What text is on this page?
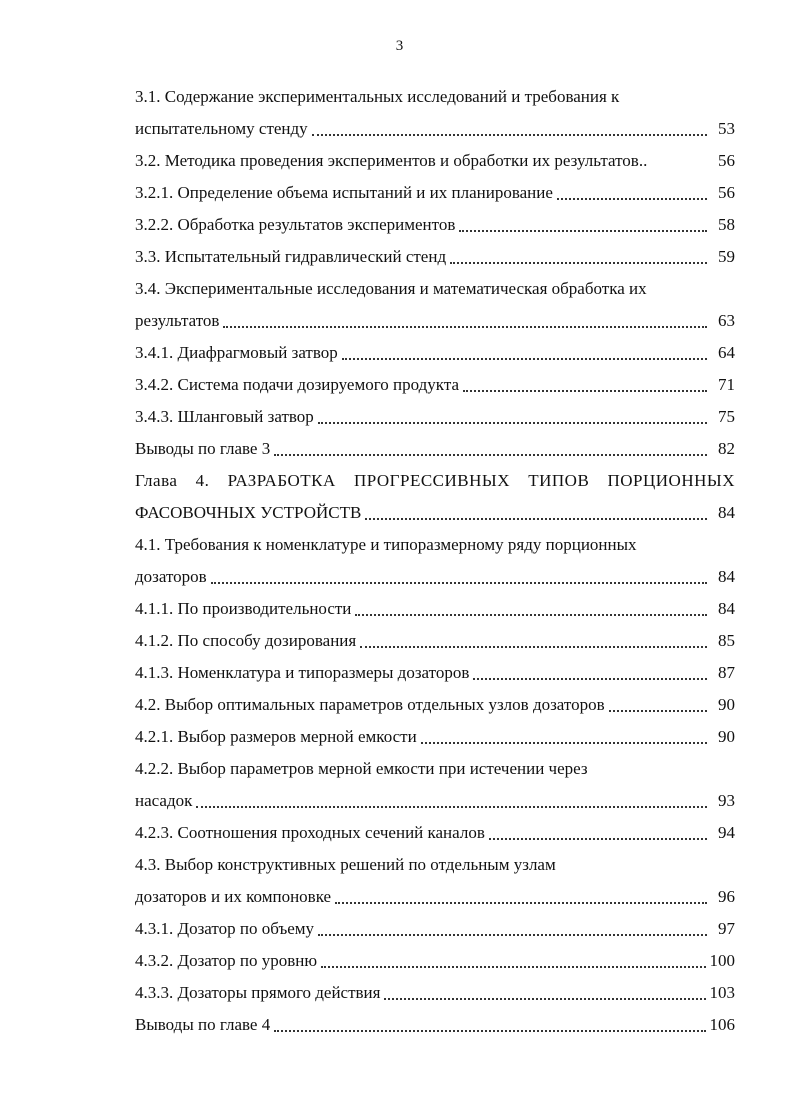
3
3.1. Содержание экспериментальных исследований и требования к
испытательному стенду	53
3.2. Методика проведения экспериментов и обработки их результатов..	56
3.2.1. Определение объема испытаний и их планирование	56
3.2.2. Обработка результатов экспериментов	58
3.3. Испытательный гидравлический стенд	59
3.4. Экспериментальные исследования и математическая обработка их
результатов	63
3.4.1. Диафрагмовый затвор	64
3.4.2. Система подачи дозируемого продукта	71
3.4.3. Шланговый затвор	75
Выводы по главе 3	82
Глава 4. РАЗРАБОТКА ПРОГРЕССИВНЫХ ТИПОВ ПОРЦИОННЫХ
ФАСОВОЧНЫХ УСТРОЙСТВ	84
4.1. Требования к номенклатуре и типоразмерному ряду порционных
дозаторов	84
4.1.1. По производительности	84
4.1.2. По способу дозирования	85
4.1.3. Номенклатура и типоразмеры дозаторов	87
4.2. Выбор оптимальных параметров отдельных узлов дозаторов	90
4.2.1. Выбор размеров мерной емкости	90
4.2.2. Выбор параметров мерной емкости при истечении через
насадок	93
4.2.3. Соотношения проходных сечений каналов	94
4.3. Выбор конструктивных решений по отдельным узлам
дозаторов и их компоновке	96
4.3.1. Дозатор по объему	97
4.3.2. Дозатор по уровню	100
4.3.3. Дозаторы прямого действия	103
Выводы по главе 4	106
